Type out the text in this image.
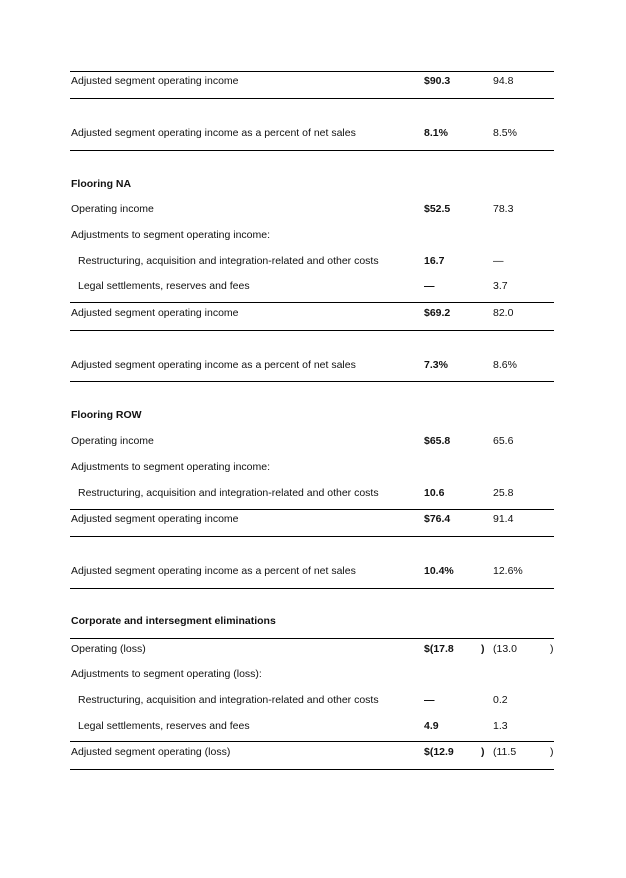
Adjusted segment operating income	$90.3	94.8
Adjusted segment operating income as a percent of net sales	8.1%	8.5%
Flooring NA
Operating income	$52.5	78.3
Adjustments to segment operating income:
Restructuring, acquisition and integration-related and other costs	16.7	—
Legal settlements, reserves and fees	—	3.7
Adjusted segment operating income	$69.2	82.0
Adjusted segment operating income as a percent of net sales	7.3%	8.6%
Flooring ROW
Operating income	$65.8	65.6
Adjustments to segment operating income:
Restructuring, acquisition and integration-related and other costs	10.6	25.8
Adjusted segment operating income	$76.4	91.4
Adjusted segment operating income as a percent of net sales	10.4%	12.6%
Corporate and intersegment eliminations
Operating (loss)	$(17.8	) (13.0	)
Adjustments to segment operating (loss):
Restructuring, acquisition and integration-related and other costs	—	0.2
Legal settlements, reserves and fees	4.9	1.3
Adjusted segment operating (loss)	$(12.9	) (11.5	)
